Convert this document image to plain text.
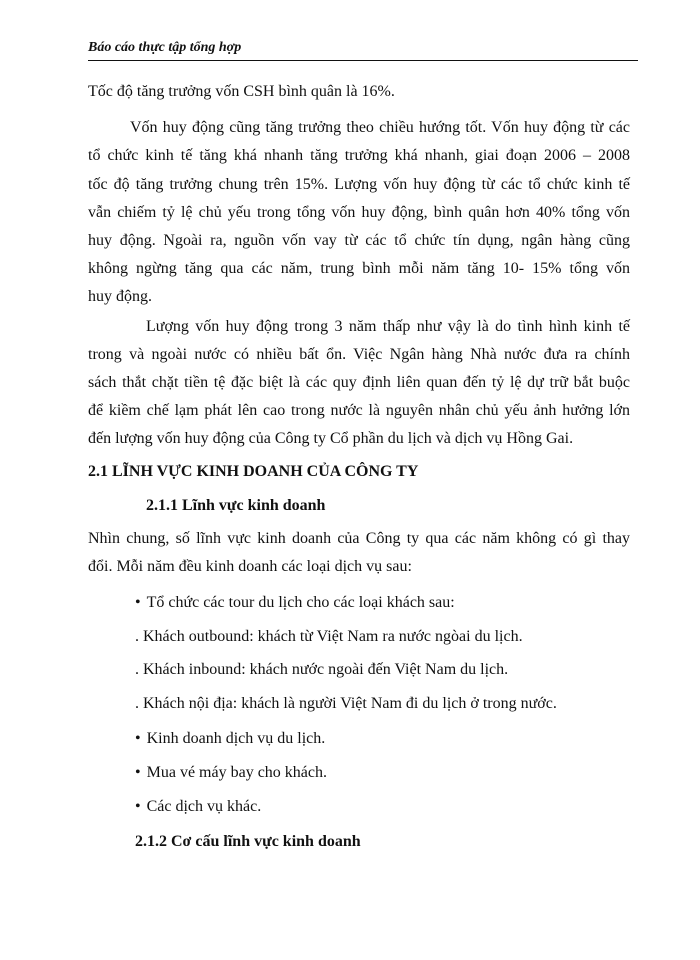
Báo cáo thực tập tổng hợp
Tốc độ tăng trưởng vốn CSH bình quân là 16%.
Vốn huy động cũng tăng trưởng theo chiều hướng tốt. Vốn huy động từ các
tổ chức kinh tế tăng khá nhanh tăng trưởng khá nhanh, giai đoạn 2006 – 2008
tốc độ tăng trưởng chung trên 15%. Lượng vốn huy động từ các tổ chức kinh tế
vẫn chiếm tỷ lệ chủ yếu trong tổng vốn huy động, bình quân hơn 40% tổng vốn
huy động. Ngoài ra, nguồn vốn vay từ các tổ chức tín dụng, ngân hàng cũng
không ngừng tăng qua các năm, trung bình mỗi năm tăng 10- 15% tổng vốn
huy động.
Lượng vốn huy động trong 3 năm thấp như vậy là do tình hình kinh tế
trong và ngoài nước có nhiều bất ổn. Việc Ngân hàng Nhà nước đưa ra chính
sách thắt chặt tiền tệ đặc biệt là các quy định liên quan đến tỷ lệ dự trữ bắt buộc
để kiềm chế lạm phát lên cao trong nước là nguyên nhân chủ yếu ảnh hưởng lớn
đến lượng vốn huy động của Công ty Cổ phần du lịch và dịch vụ Hồng Gai.
2.1 LĨNH VỰC KINH DOANH CỦA CÔNG TY
2.1.1 Lĩnh vực kinh doanh
Nhìn chung, số lĩnh vực kinh doanh của Công ty qua các năm không có gì thay
đổi. Mỗi năm đều kinh doanh các loại dịch vụ sau:
• Tổ chức các tour du lịch cho các loại khách sau:
. Khách outbound: khách từ Việt Nam ra nước ngòai du lịch.
. Khách inbound: khách nước ngoài đến Việt Nam du lịch.
. Khách nội địa: khách là người Việt Nam đi du lịch ở trong nước.
• Kinh doanh dịch vụ du lịch.
• Mua vé máy bay cho khách.
• Các dịch vụ khác.
2.1.2 Cơ cấu lĩnh vực kinh doanh
